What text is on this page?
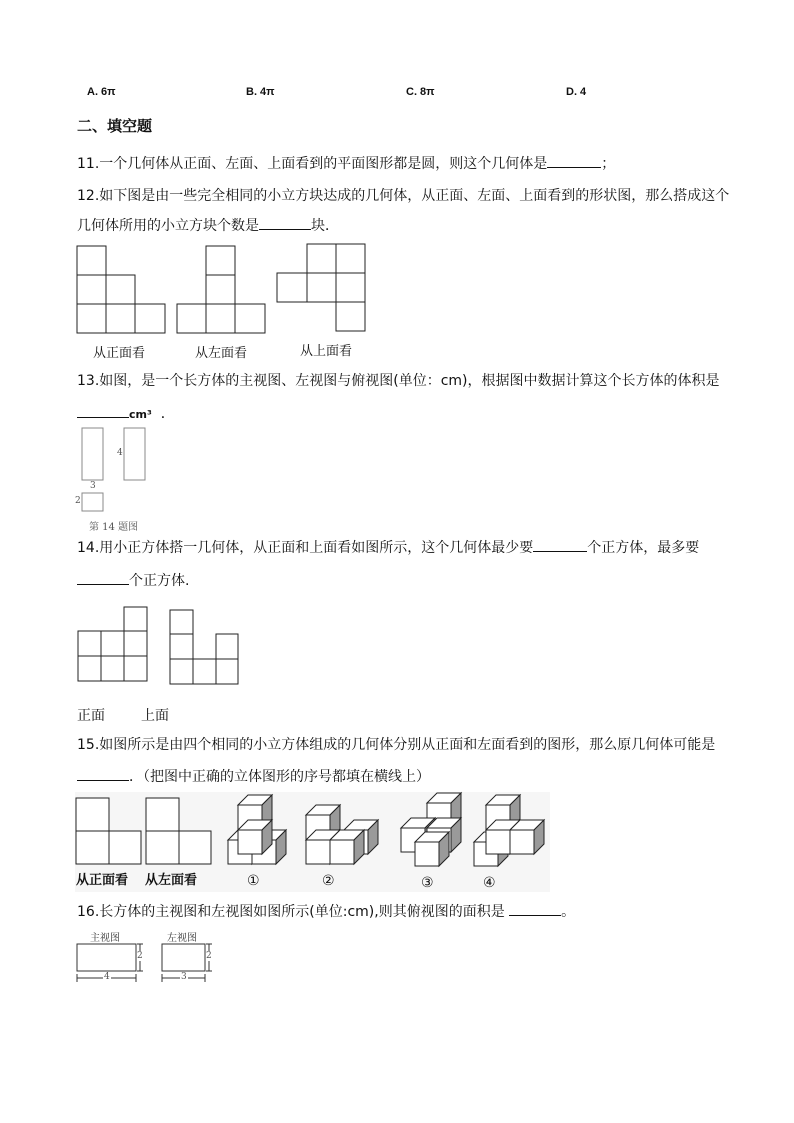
A. 6π	B. 4π	C. 8π	D. 4
二、填空题
11.一个几何体从正面、左面、上面看到的平面图形都是圆，则这个几何体是	；
12.如下图是由一些完全相同的小立方块达成的几何体，从正面、左面、上面看到的形状图，那么搭成这个
几何体所用的小立方块个数是	块．
从正面看	从左面看	从上面看
13.如图，是一个长方体的主视图、左视图与俯视图(单位：cm)，根据图中数据计算这个长方体的体积是
cm³ ．
4
3
2
第 14 题图
14.用小正方体搭一几何体，从正面和上面看如图所示，这个几何体最少要	个正方体，最多要
个正方体.
正面	上面
15.如图所示是由四个相同的小立方体组成的几何体分别从正面和左面看到的图形，那么原几何体可能是
．（把图中正确的立体图形的序号都填在横线上）
从正面看 从左面看	①	②	③	④
16.长方体的主视图和左视图如图所示(单位:cm),则其俯视图的面积是	。
主视图	左视图
4
2
3
2
